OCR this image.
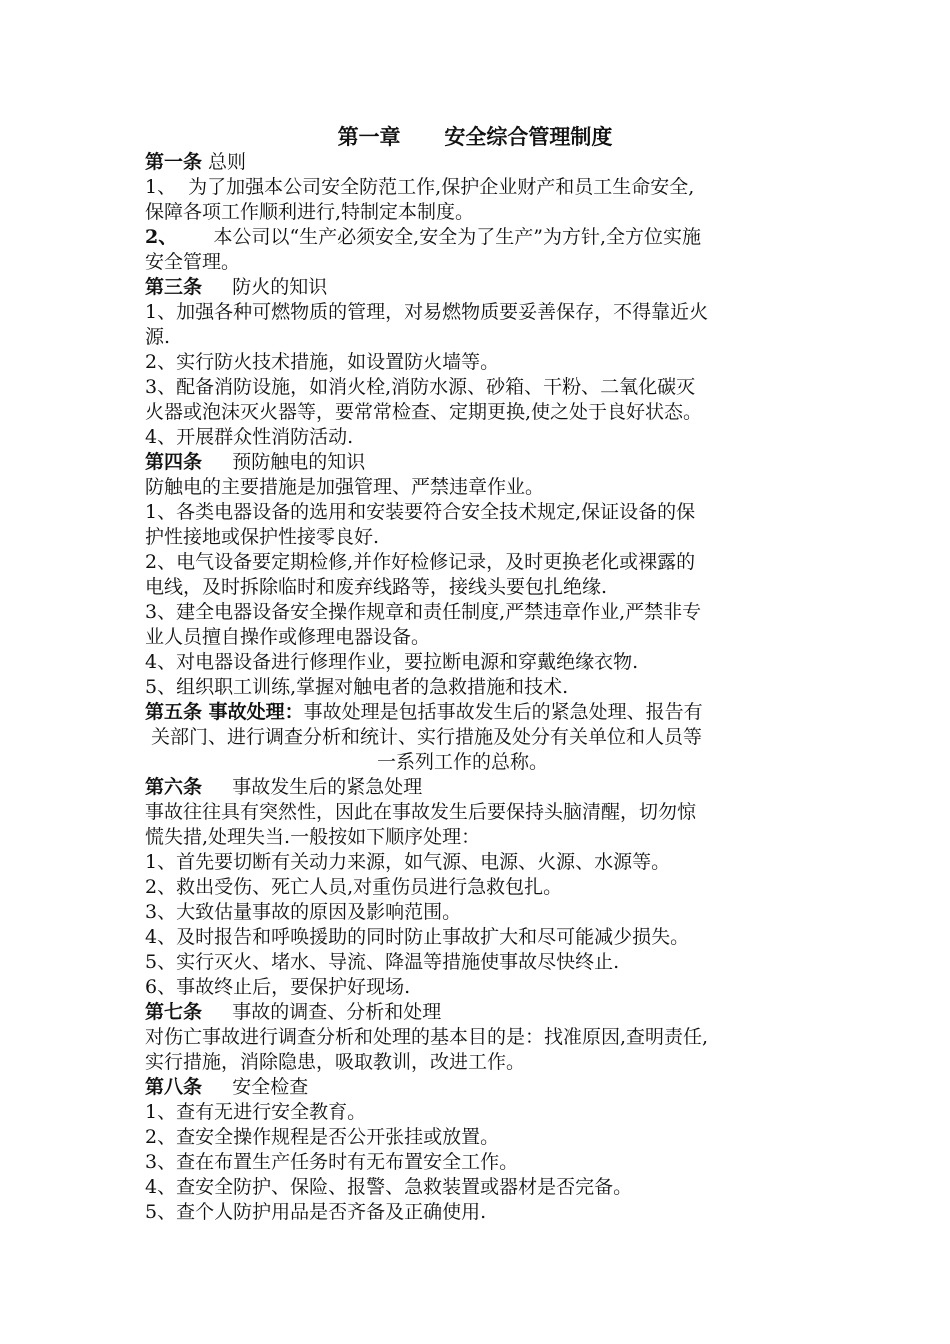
第一章      安全综合管理制度
第一条 总则
1、  为了加强本公司安全防范工作,保护企业财产和员工生命安全,
保障各项工作顺利进行,特制定本制度。
2、      本公司以“生产必须安全,安全为了生产”为方针,全方位实施
安全管理。
第三条     防火的知识
1、加强各种可燃物质的管理，对易燃物质要妥善保存，不得靠近火
源.
2、实行防火技术措施，如设置防火墙等。
3、配备消防设施，如消火栓,消防水源、砂箱、干粉、二氧化碳灭
火器或泡沫灭火器等，要常常检查、定期更换,使之处于良好状态。
4、开展群众性消防活动.
第四条     预防触电的知识
防触电的主要措施是加强管理、严禁违章作业。
1、各类电器设备的选用和安装要符合安全技术规定,保证设备的保
护性接地或保护性接零良好.
2、电气设备要定期检修,并作好检修记录，及时更换老化或裸露的
电线，及时拆除临时和废弃线路等，接线头要包扎绝缘.
3、建全电器设备安全操作规章和责任制度,严禁违章作业,严禁非专
业人员擅自操作或修理电器设备。
4、对电器设备进行修理作业，要拉断电源和穿戴绝缘衣物.
5、组织职工训练,掌握对触电者的急救措施和技术.
第五条 事故处理：事故处理是包括事故发生后的紧急处理、报告有
关部门、进行调查分析和统计、实行措施及处分有关单位和人员等
一系列工作的总称。
第六条     事故发生后的紧急处理
事故往往具有突然性，因此在事故发生后要保持头脑清醒，切勿惊
慌失措,处理失当.一般按如下顺序处理：
1、首先要切断有关动力来源，如气源、电源、火源、水源等。
2、救出受伤、死亡人员,对重伤员进行急救包扎。
3、大致估量事故的原因及影响范围。
4、及时报告和呼唤援助的同时防止事故扩大和尽可能减少损失。
5、实行灭火、堵水、导流、降温等措施使事故尽快终止.
6、事故终止后，要保护好现场.
第七条     事故的调查、分析和处理
对伤亡事故进行调查分析和处理的基本目的是：找准原因,查明责任,
实行措施，消除隐患，吸取教训，改进工作。
第八条     安全检查
1、查有无进行安全教育。
2、查安全操作规程是否公开张挂或放置。
3、查在布置生产任务时有无布置安全工作。
4、查安全防护、保险、报警、急救装置或器材是否完备。
5、查个人防护用品是否齐备及正确使用.
